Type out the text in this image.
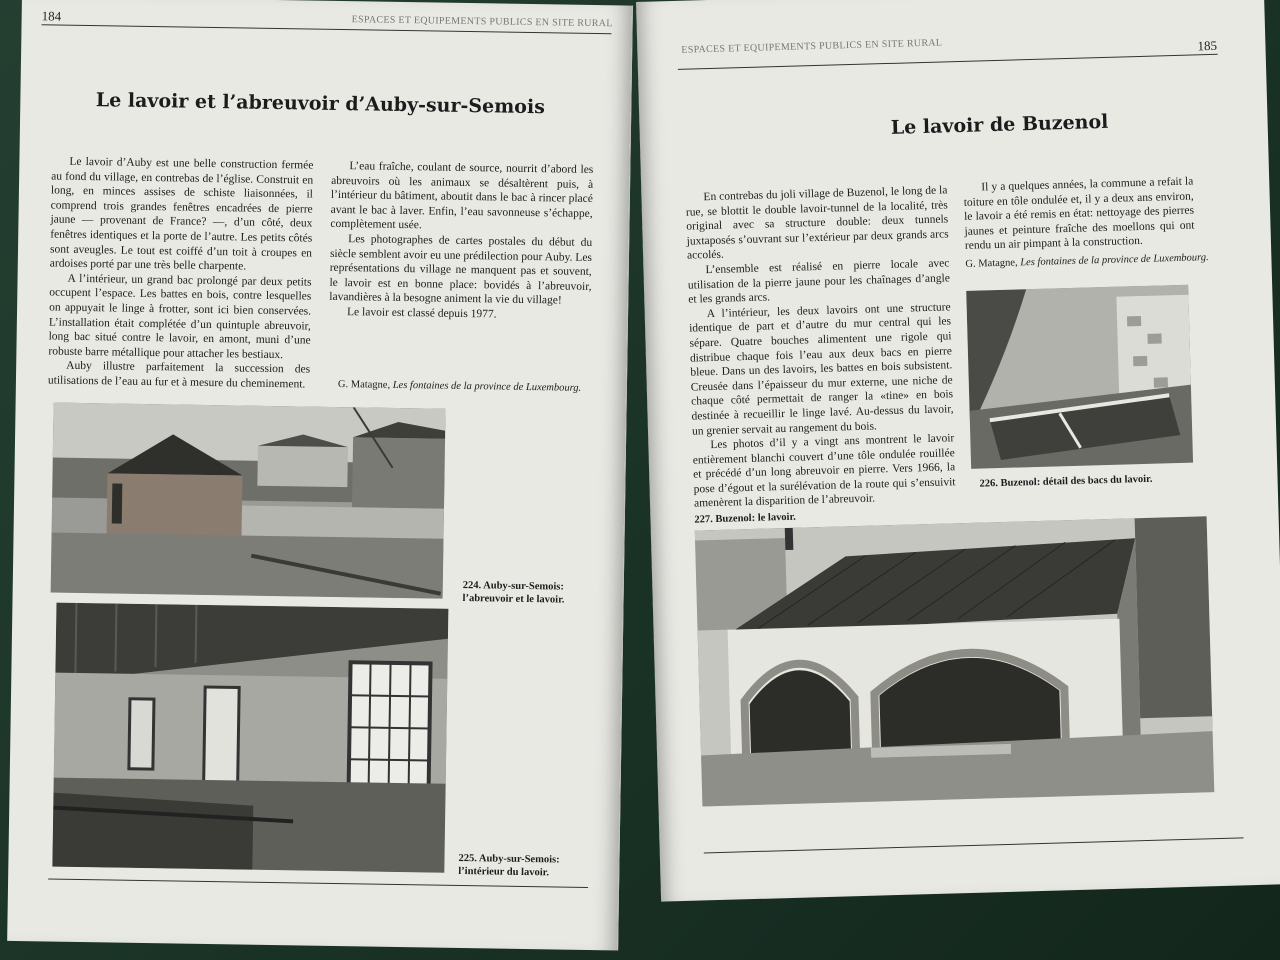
184	ESPACES ET EQUIPEMENTS PUBLICS EN SITE RURAL
Le lavoir et l’abreuvoir d’Auby-sur-Semois

Le lavoir d’Auby est une belle construction fermée au fond du village, en contrebas de l’église. Construit en long, en minces assises de schiste liaisonnées, il comprend trois grandes fenêtres encadrées de pierre jaune — provenant de France? —, d’un côté, deux fenêtres identiques et la porte de l’autre. Les petits côtés sont aveugles. Le tout est coiffé d’un toit à croupes en ardoises porté par une très belle charpente.

A l’intérieur, un grand bac prolongé par deux petits occupent l’espace. Les battes en bois, contre lesquelles on appuyait le linge à frotter, sont ici bien conservées. L’installation était complétée d’un quintuple abreuvoir, long bac situé contre le lavoir, en amont, muni d’une robuste barre métallique pour attacher les bestiaux.

Auby illustre parfaitement la succession des utilisations de l’eau au fur et à mesure du cheminement.

L’eau fraîche, coulant de source, nourrit d’abord les abreuvoirs où les animaux se désaltèrent puis, à l’intérieur du bâtiment, aboutit dans le bac à rincer placé avant le bac à laver. Enfin, l’eau savonneuse s’échappe, complètement usée.

Les photographes de cartes postales du début du siècle semblent avoir eu une prédilection pour Auby. Les représentations du village ne manquent pas et souvent, le lavoir est en bonne place: bovidés à l’abreuvoir, lavandières à la besogne animent la vie du village!

Le lavoir est classé depuis 1977.

G. Matagne, Les fontaines de la province de Luxembourg.
224. Auby-sur-Semois: l’abreuvoir et le lavoir.
225. Auby-sur-Semois: l’intérieur du lavoir.
ESPACES ET EQUIPEMENTS PUBLICS EN SITE RURAL	185
Le lavoir de Buzenol

En contrebas du joli village de Buzenol, le long de la rue, se blottit le double lavoir-tunnel de la localité, très original avec sa structure double: deux tunnels juxtaposés s’ouvrant sur l’extérieur par deux grands arcs accolés.

L’ensemble est réalisé en pierre locale avec utilisation de la pierre jaune pour les chaînages d’angle et les grands arcs.

A l’intérieur, les deux lavoirs ont une structure identique de part et d’autre du mur central qui les sépare. Quatre bouches alimentent une rigole qui distribue chaque fois l’eau aux deux bacs en pierre bleue. Dans un des lavoirs, les battes en bois subsistent. Creusée dans l’épaisseur du mur externe, une niche de chaque côté permettait de ranger la «tine» en bois destinée à recueillir le linge lavé. Au-dessus du lavoir, un grenier servait au rangement du bois.

Les photos d’il y a vingt ans montrent le lavoir entièrement blanchi couvert d’une tôle ondulée rouillée et précédé d’un long abreuvoir en pierre. Vers 1966, la pose d’égout et la surélévation de la route qui s’ensuivit amenèrent la disparition de l’abreuvoir.

Il y a quelques années, la commune a refait la toiture en tôle ondulée et, il y a deux ans environ, le lavoir a été remis en état: nettoyage des pierres jaunes et peinture fraîche des moellons qui ont rendu un air pimpant à la construction.

G. Matagne, Les fontaines de la province de Luxembourg.
226. Buzenol: détail des bacs du lavoir.
227. Buzenol: le lavoir.
